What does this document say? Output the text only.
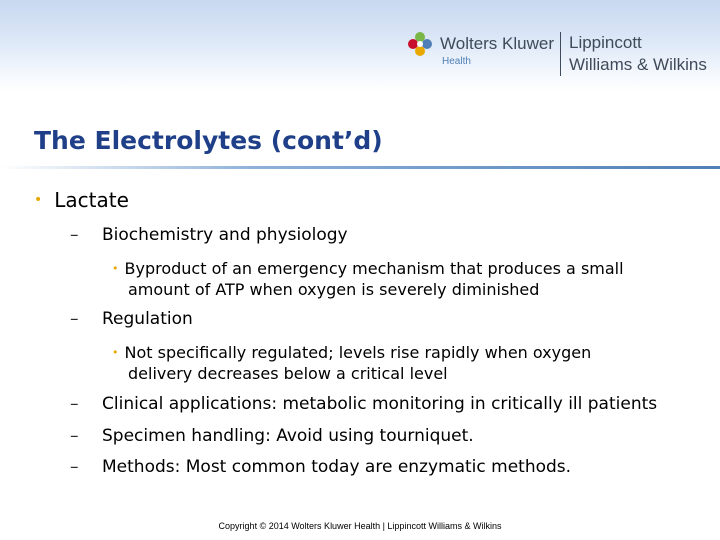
Wolters Kluwer
Health
Lippincott
Williams & Wilkins
The Electrolytes (cont’d)
• Lactate
– Biochemistry and physiology
• Byproduct of an emergency mechanism that produces a small
amount of ATP when oxygen is severely diminished
– Regulation
• Not specifically regulated; levels rise rapidly when oxygen
delivery decreases below a critical level
– Clinical applications: metabolic monitoring in critically ill patients
– Specimen handling: Avoid using tourniquet.
– Methods: Most common today are enzymatic methods.
Copyright © 2014 Wolters Kluwer Health | Lippincott Williams & Wilkins
